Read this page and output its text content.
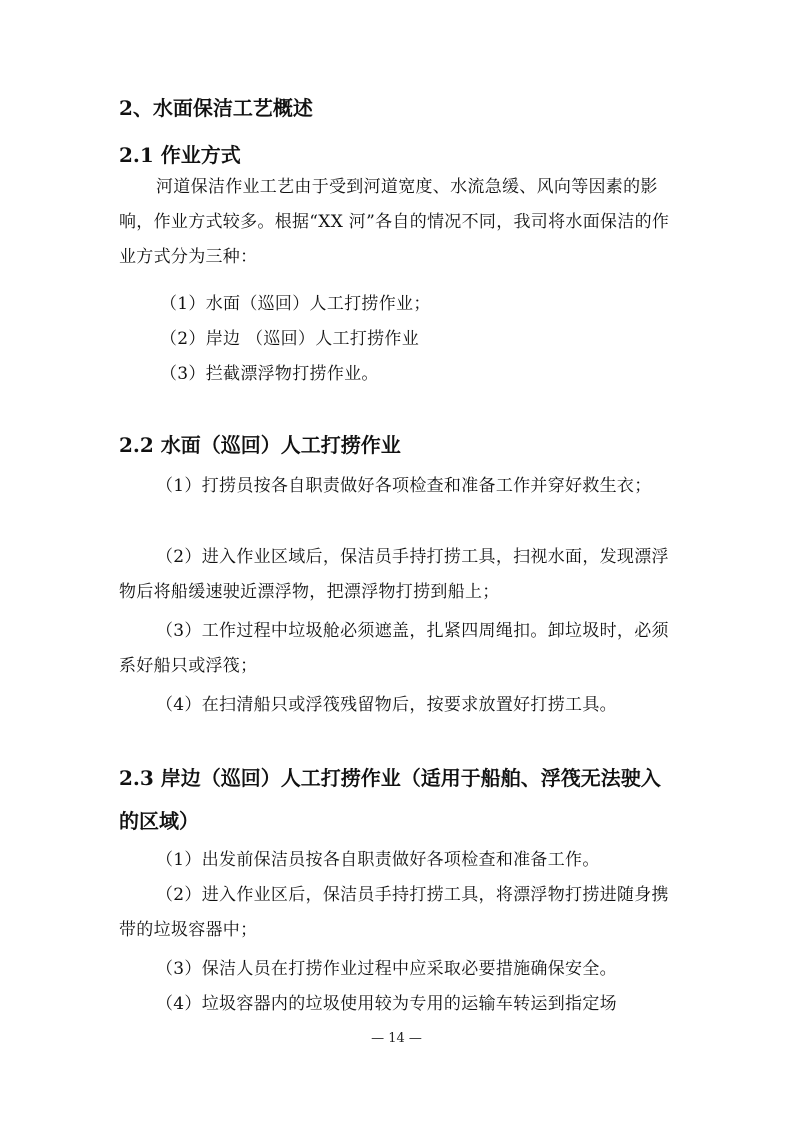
2、水面保洁工艺概述
2.1 作业方式
河道保洁作业工艺由于受到河道宽度、水流急缓、风向等因素的影响，作业方式较多。根据“XX 河”各自的情况不同，我司将水面保洁的作业方式分为三种：
（1）水面（巡回）人工打捞作业；
（2）岸边 （巡回）人工打捞作业
（3）拦截漂浮物打捞作业。
2.2 水面（巡回）人工打捞作业
（1）打捞员按各自职责做好各项检查和准备工作并穿好救生衣；
（2）进入作业区域后，保洁员手持打捞工具，扫视水面，发现漂浮物后将船缓速驶近漂浮物，把漂浮物打捞到船上；
（3）工作过程中垃圾舱必须遮盖，扎紧四周绳扣。卸垃圾时，必须系好船只或浮筏；
（4）在扫清船只或浮筏残留物后，按要求放置好打捞工具。
2.3 岸边（巡回）人工打捞作业（适用于船舶、浮筏无法驶入的区域）
（1）出发前保洁员按各自职责做好各项检查和准备工作。
（2）进入作业区后，保洁员手持打捞工具，将漂浮物打捞进随身携带的垃圾容器中；
（3）保洁人员在打捞作业过程中应采取必要措施确保安全。
（4）垃圾容器内的垃圾使用较为专用的运输车转运到指定场
— 14 —
